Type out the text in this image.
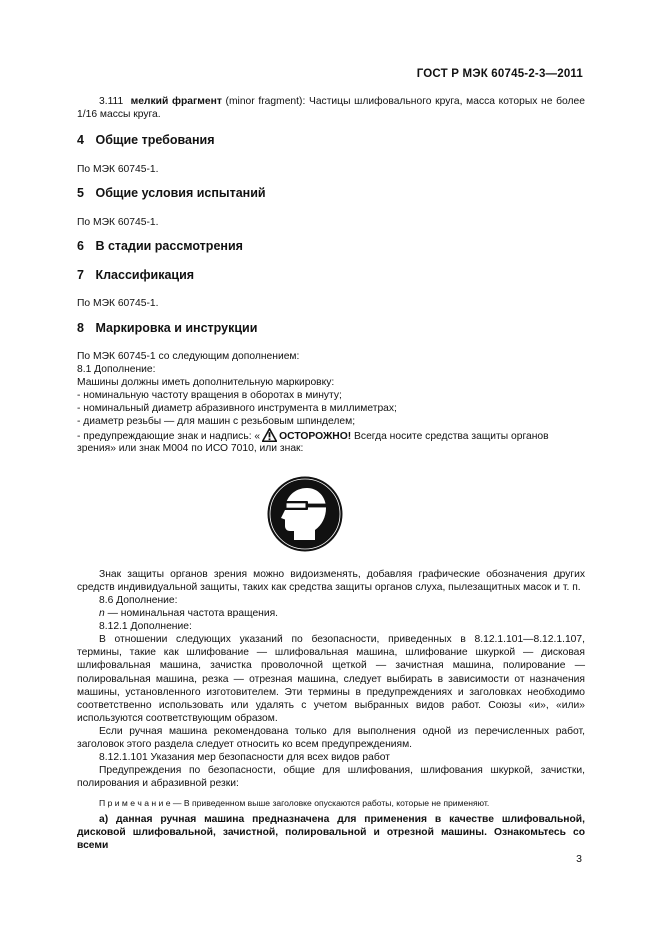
ГОСТ Р МЭК 60745-2-3—2011

3.111 мелкий фрагмент (minor fragment): Частицы шлифовального круга, масса которых не более 1/16 массы круга.

4 Общие требования
По МЭК 60745-1.
5 Общие условия испытаний
По МЭК 60745-1.
6 В стадии рассмотрения
7 Классификация
По МЭК 60745-1.
8 Маркировка и инструкции
По МЭК 60745-1 со следующим дополнением:
8.1 Дополнение:
Машины должны иметь дополнительную маркировку:
- номинальную частоту вращения в оборотах в минуту;
- номинальный диаметр абразивного инструмента в миллиметрах;
- диаметр резьбы — для машин с резьбовым шпинделем;
- предупреждающие знак и надпись: « ОСТОРОЖНО! Всегда носите средства защиты органов
зрения» или знак М004 по ИСО 7010, или знак:

Знак защиты органов зрения можно видоизменять, добавляя графические обозначения других средств индивидуальной защиты, таких как средства защиты органов слуха, пылезащитных масок и т. п.

8.6 Дополнение:
n — номинальная частота вращения.
8.12.1 Дополнение:

В отношении следующих указаний по безопасности, приведенных в 8.12.1.101—8.12.1.107, термины, такие как шлифование — шлифовальная машина, шлифование шкуркой — дисковая шлифовальная машина, зачистка проволочной щеткой — зачистная машина, полирование — полировальная машина, резка — отрезная машина, следует выбирать в зависимости от назначения машины, установленного изготовителем. Эти термины в предупреждениях и заголовках необходимо соответственно использовать или удалять с учетом выбранных видов работ. Союзы «и», «или» используются соответствующим образом.

Если ручная машина рекомендована только для выполнения одной из перечисленных работ, заголовок этого раздела следует относить ко всем предупреждениям.

8.12.1.101 Указания мер безопасности для всех видов работ

Предупреждения по безопасности, общие для шлифования, шлифования шкуркой, зачистки, полирования и абразивной резки:

П р и м е ч а н и е — В приведенном выше заголовке опускаются работы, которые не применяют.

а) данная ручная машина предназначена для применения в качестве шлифовальной, дисковой шлифовальной, зачистной, полировальной и отрезной машины. Ознакомьтесь со всеми

3
